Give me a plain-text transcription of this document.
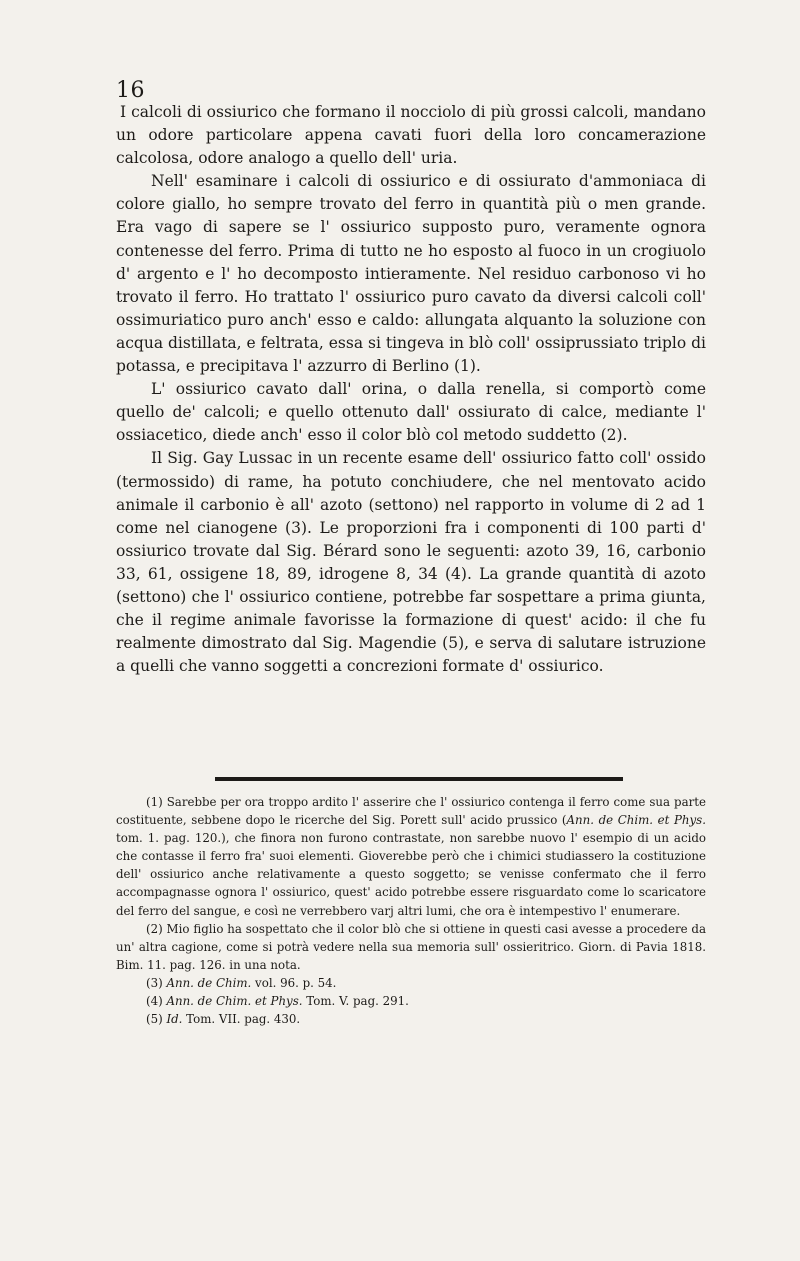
16

I calcoli di ossiurico che formano il nocciolo di più grossi calcoli, mandano un odore particolare appena cavati fuori della loro concamerazione calcolosa, odore analogo a quello dell' uria.

Nell' esaminare i calcoli di ossiurico e di ossiurato d'ammoniaca di colore giallo, ho sempre trovato del ferro in quantità più o men grande. Era vago di sapere se l' ossiurico supposto puro, veramente ognora contenesse del ferro. Prima di tutto ne ho esposto al fuoco in un crogiuolo d' argento e l' ho decomposto intieramente. Nel residuo carbonoso vi ho trovato il ferro. Ho trattato l' ossiurico puro cavato da diversi calcoli coll' ossimuriatico puro anch' esso e caldo: allungata alquanto la soluzione con acqua distillata, e feltrata, essa si tingeva in blò coll' ossiprussiato triplo di potassa, e precipitava l' azzurro di Berlino (1).

L' ossiurico cavato dall' orina, o dalla renella, si comportò come quello de' calcoli; e quello ottenuto dall' ossiurato di calce, mediante l' ossiacetico, diede anch' esso il color blò col metodo suddetto (2).

Il Sig. Gay Lussac in un recente esame dell' ossiurico fatto coll' ossido (termossido) di rame, ha potuto conchiudere, che nel mentovato acido animale il carbonio è all' azoto (settono) nel rapporto in volume di 2 ad 1 come nel cianogene (3). Le proporzioni fra i componenti di 100 parti d' ossiurico trovate dal Sig. Bérard sono le seguenti: azoto 39, 16, carbonio 33, 61, ossigene 18, 89, idrogene 8, 34 (4). La grande quantità di azoto (settono) che l' ossiurico contiene, potrebbe far sospettare a prima giunta, che il regime animale favorisse la formazione di quest' acido: il che fu realmente dimostrato dal Sig. Magendie (5), e serva di salutare istruzione a quelli che vanno soggetti a concrezioni formate d' ossiurico.

(1) Sarebbe per ora troppo ardito l' asserire che l' ossiurico contenga il ferro come sua parte costituente, sebbene dopo le ricerche del Sig. Porett sull' acido prussico (Ann. de Chim. et Phys. tom. 1. pag. 120.), che finora non furono contrastate, non sarebbe nuovo l' esempio di un acido che contasse il ferro fra' suoi elementi. Gioverebbe però che i chimici studiassero la costituzione dell' ossiurico anche relativamente a questo soggetto; se venisse confermato che il ferro accompagnasse ognora l' ossiurico, quest' acido potrebbe essere risguardato come lo scaricatore del ferro del sangue, e così ne verrebbero varj altri lumi, che ora è intempestivo l' enumerare.

(2) Mio figlio ha sospettato che il color blò che si ottiene in questi casi avesse a procedere da un' altra cagione, come si potrà vedere nella sua memoria sull' ossieritrico. Giorn. di Pavia 1818. Bim. 11. pag. 126. in una nota.

(3) Ann. de Chim. vol. 96. p. 54.

(4) Ann. de Chim. et Phys. Tom. V. pag. 291.

(5) Id. Tom. VII. pag. 430.
